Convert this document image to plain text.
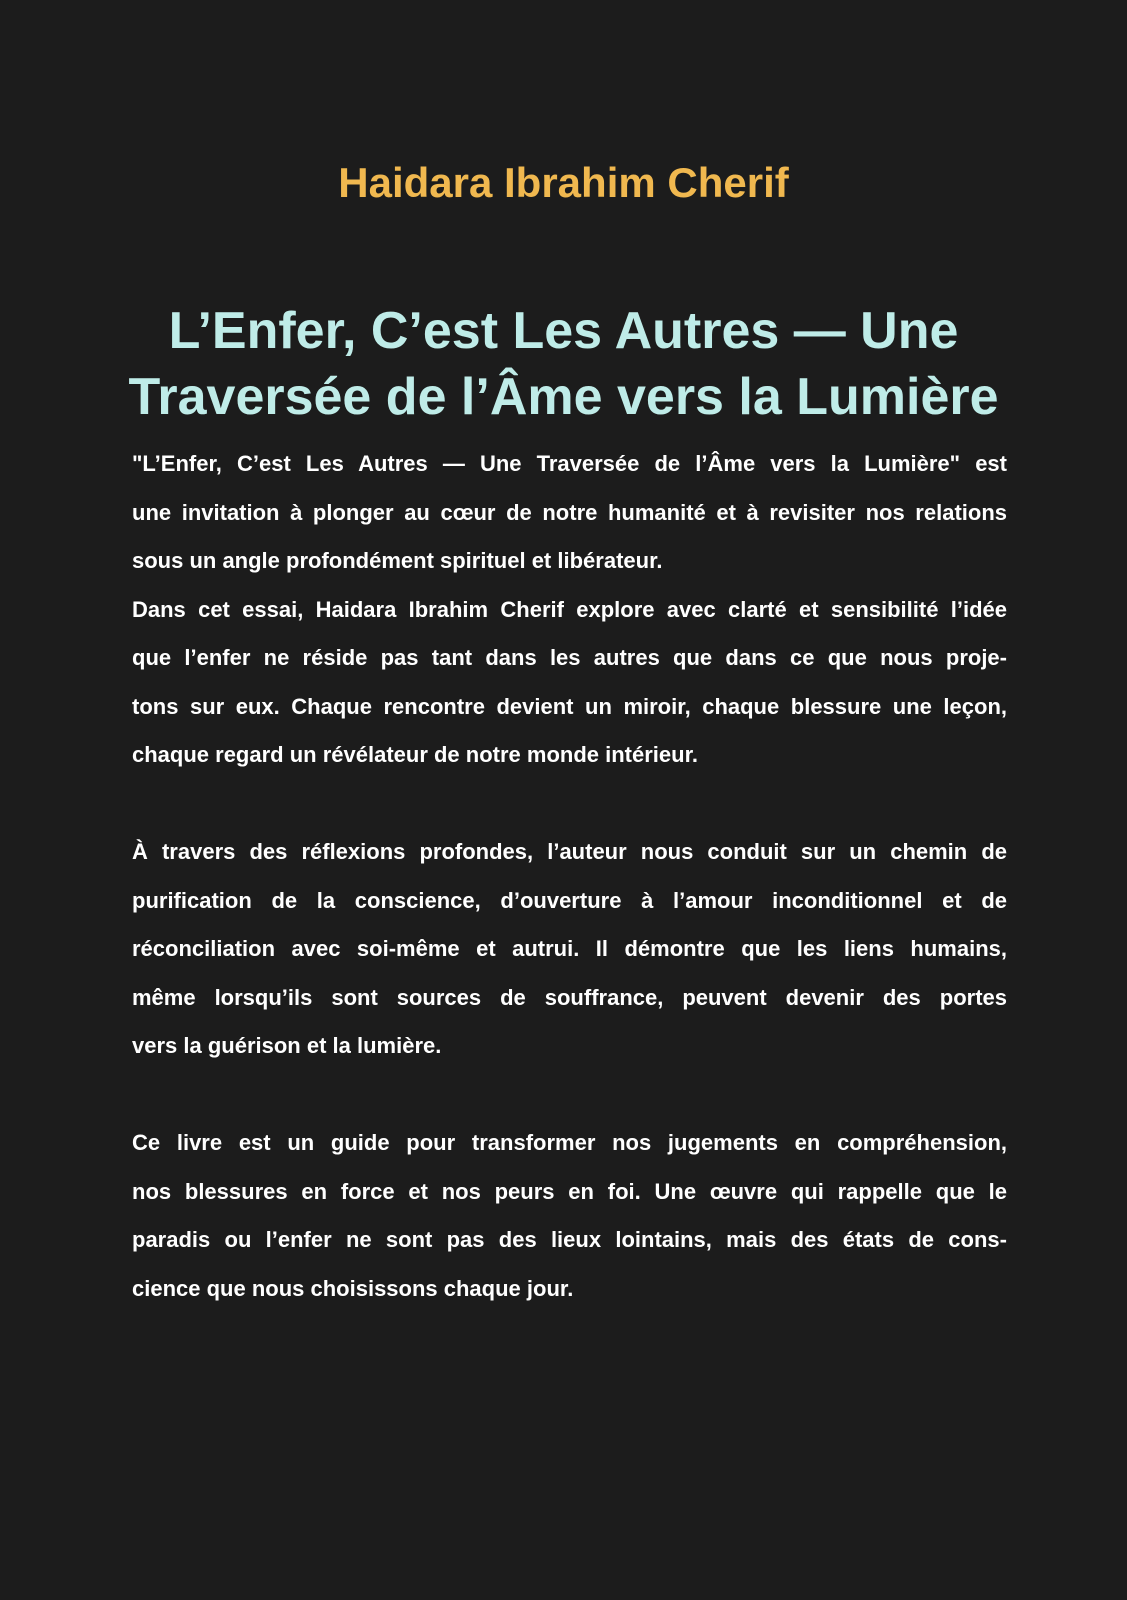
Haidara Ibrahim Cherif
L’Enfer, C’est Les Autres — Une
Traversée de l’Âme vers la Lumière
"L’Enfer, C’est Les Autres — Une Traversée de l’Âme vers la Lumière" est
une invitation à plonger au cœur de notre humanité et à revisiter nos relations
sous un angle profondément spirituel et libérateur.
Dans cet essai, Haidara Ibrahim Cherif explore avec clarté et sensibilité l’idée
que l’enfer ne réside pas tant dans les autres que dans ce que nous proje-
tons sur eux. Chaque rencontre devient un miroir, chaque blessure une leçon,
chaque regard un révélateur de notre monde intérieur.
À travers des réflexions profondes, l’auteur nous conduit sur un chemin de
purification de la conscience, d’ouverture à l’amour inconditionnel et de
réconciliation avec soi-même et autrui. Il démontre que les liens humains,
même lorsqu’ils sont sources de souffrance, peuvent devenir des portes
vers la guérison et la lumière.
Ce livre est un guide pour transformer nos jugements en compréhension,
nos blessures en force et nos peurs en foi. Une œuvre qui rappelle que le
paradis ou l’enfer ne sont pas des lieux lointains, mais des états de cons-
cience que nous choisissons chaque jour.
